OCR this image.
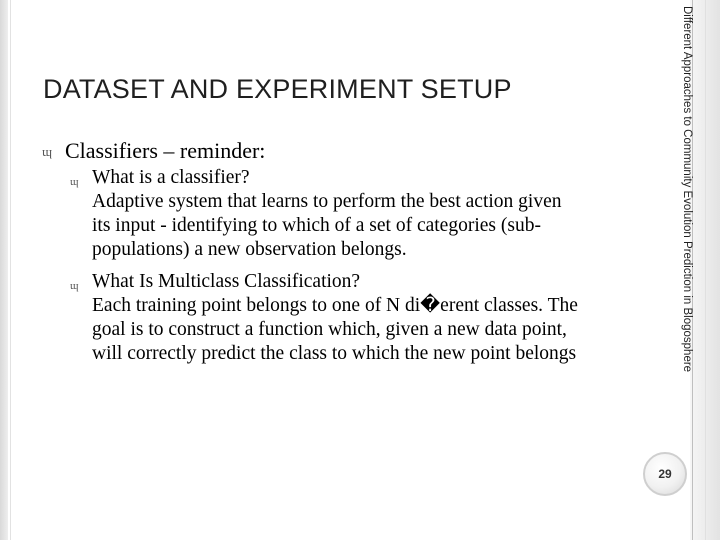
DATASET AND EXPERIMENT SETUP
ɰ Classifiers – reminder:
ɰ What is a classifier?
Adaptive system that learns to perform the best action given
its input - identifying to which of a set of categories (sub-
populations) a new observation belongs.
ɰ What Is Multiclass Classification?
Each training point belongs to one of N di�erent classes. The
goal is to construct a function which, given a new data point,
will correctly predict the class to which the new point belongs	Different Approaches to Community Evolution Prediction in Blogosphere
29
